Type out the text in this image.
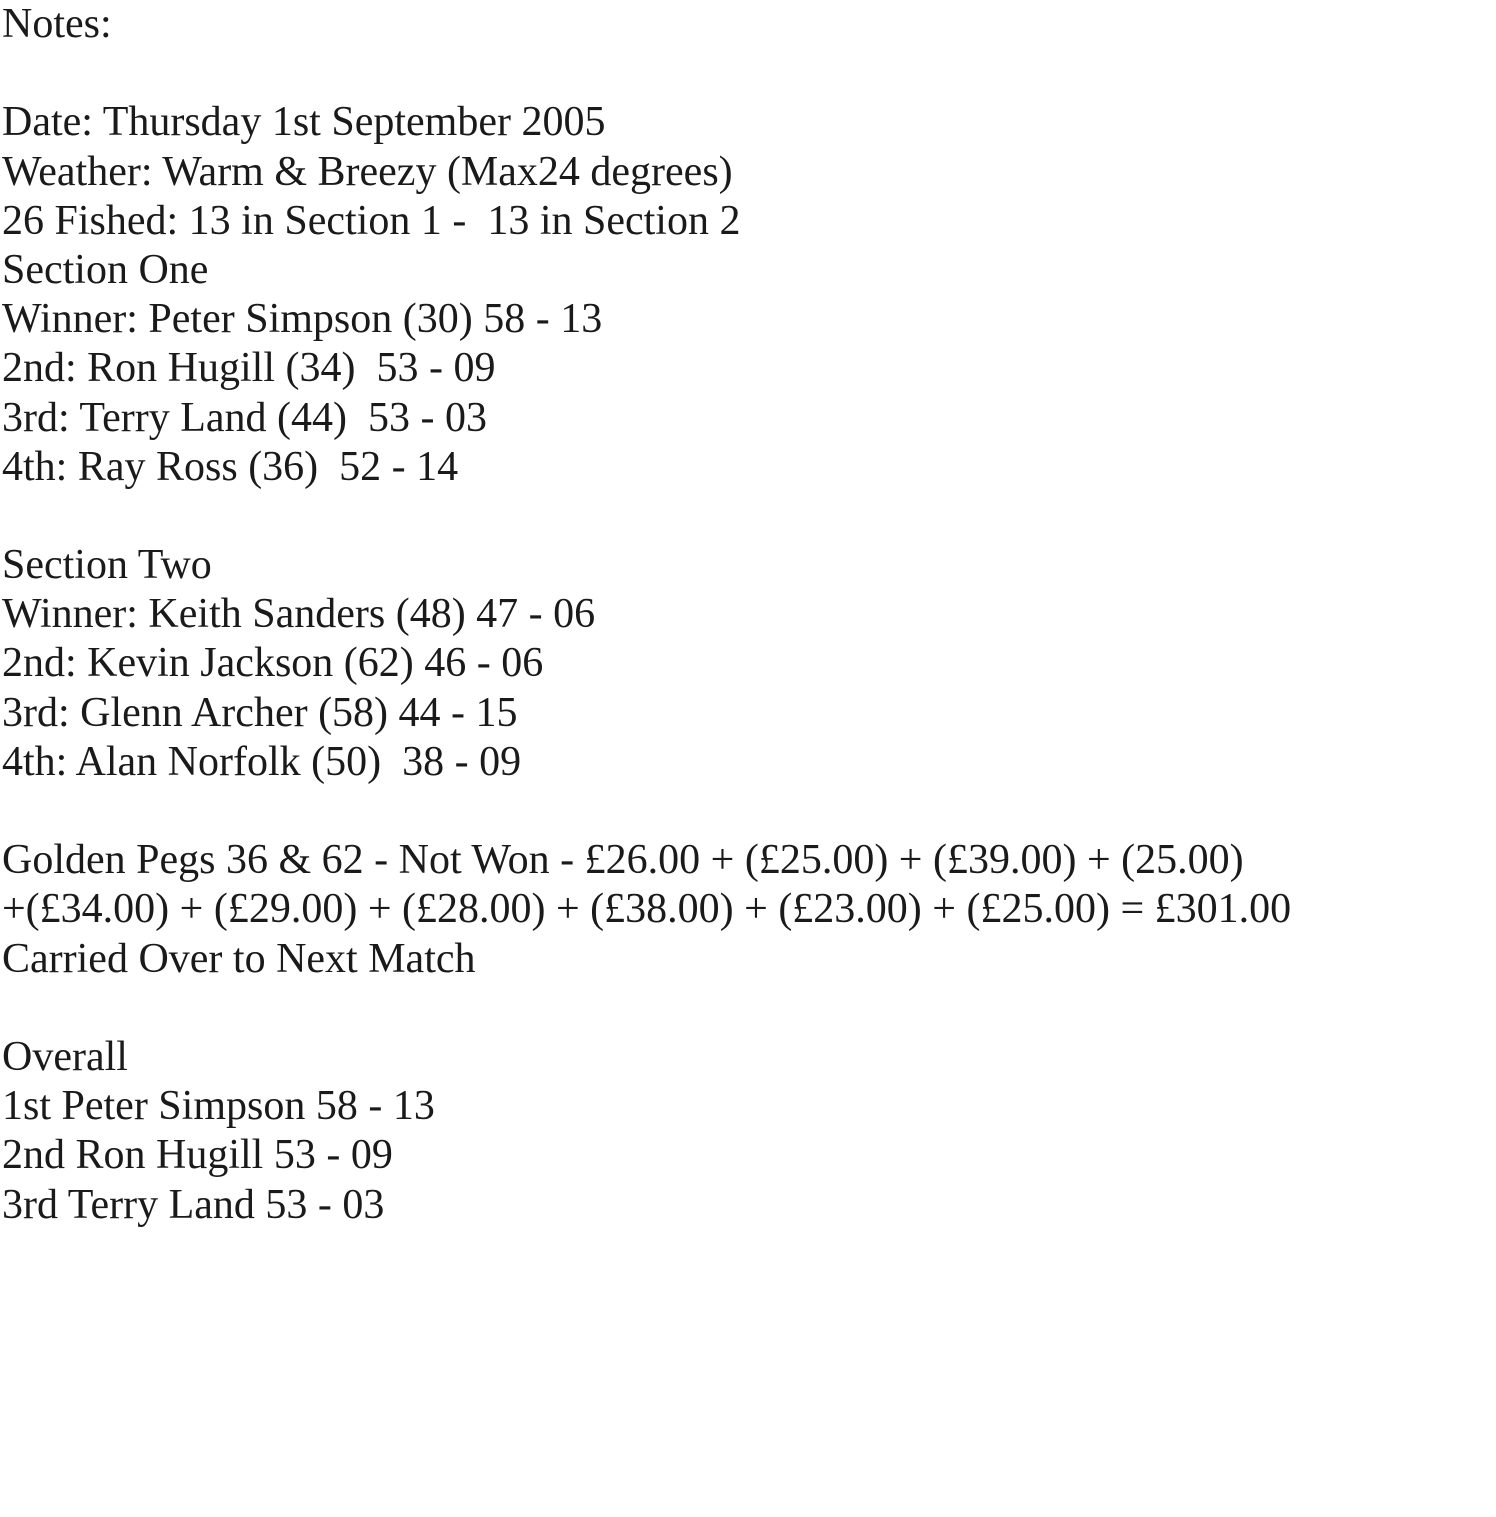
Notes:
Date: Thursday 1st September 2005
Weather: Warm & Breezy (Max24 degrees)
26 Fished: 13 in Section 1 -  13 in Section 2
Section One
Winner: Peter Simpson (30) 58 - 13
2nd: Ron Hugill (34)  53 - 09
3rd: Terry Land (44)  53 - 03
4th: Ray Ross (36)  52 - 14
Section Two
Winner: Keith Sanders (48) 47 - 06
2nd: Kevin Jackson (62) 46 - 06
3rd: Glenn Archer (58) 44 - 15
4th: Alan Norfolk (50)  38 - 09
Golden Pegs 36 & 62 - Not Won - £26.00 + (£25.00) + (£39.00) + (25.00)
+(£34.00) + (£29.00) + (£28.00) + (£38.00) + (£23.00) + (£25.00) = £301.00
Carried Over to Next Match
Overall
1st Peter Simpson 58 - 13
2nd Ron Hugill 53 - 09
3rd Terry Land 53 - 03
